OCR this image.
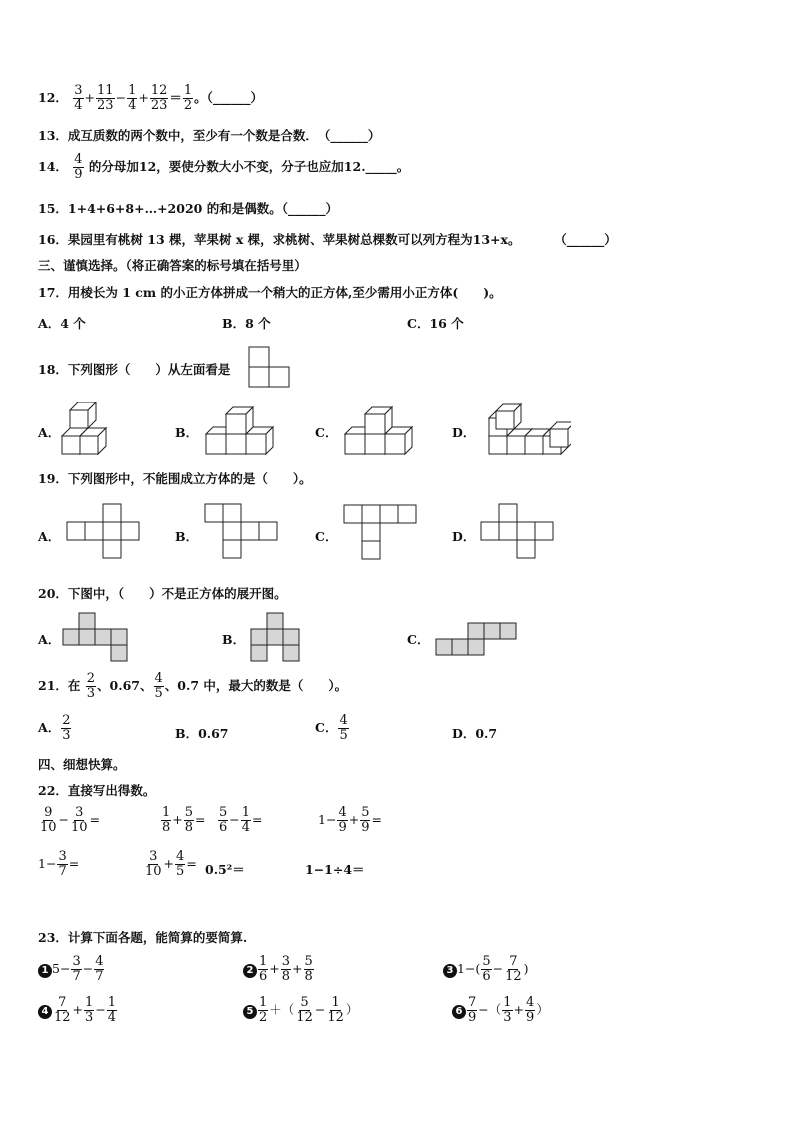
12． $\frac{3}{4} + \frac{11}{23} - \frac{1}{4} + \frac{12}{23} = \frac{1}{2}$ 。（______）
13．成互质数的两个数中，至少有一个数是合数．　（______）
14． $\frac{4}{9}$ 的分母加12，要使分数大小不变，分子也应加12._____。
15．1+4+6+8+…+2020 的和是偶数。（______）
16．果园里有桃树 13 棵，苹果树 x 棵，求桃树、苹果树总棵数可以列方程为13+x。	（______）
三、谨慎选择。（将正确答案的标号填在括号里）
17．用棱长为 1 cm 的小正方体拼成一个稍大的正方体,至少需用小正方体(　　)。
A．4 个	B．8 个	C．16 个
18．下列图形（　　）从左面看是
A．	B．	C．	D．
19．下列图形中，不能围成立方体的是（　　）。
A．	B．	C．	D．
20．下图中，（　　）不是正方体的展开图。
A．	B．	C．
21．在 $\frac{2}{3}$ 、0.67、 $\frac{4}{5}$ 、0.7 中，最大的数是（　　）。
A． $\frac{2}{3}$	B．0.67	C． $\frac{4}{5}$	D．0.7
四、细想快算。
22．直接写出得数。
$\frac{9}{10} - \frac{3}{10}$ =	$\frac{1}{8} + \frac{5}{8} = \frac{5}{6} - \frac{1}{4}$ =	$1- \frac{4}{9} + \frac{5}{9}$ =
$1- \frac{3}{7}$ =	$\frac{3}{10} + \frac{4}{5} = 0.5^2=$	1−1÷4＝
23．计算下面各题，能简算的要简算.
1 $5- \frac{3}{7} - \frac{4}{7}$	$2 \frac{1}{6} + \frac{3}{8} + \frac{5}{8}$	3 $1-( \frac{5}{6} - \frac{7}{12}$ )
$4 \frac{7}{12} + \frac{1}{3} - \frac{1}{4}$	$5 \frac{1}{2}$ ＋（ $\frac{5}{12} - \frac{1}{12}$ ）	$6 \frac{7}{9}$ −（ $\frac{1}{3} + \frac{4}{9}$ ）
